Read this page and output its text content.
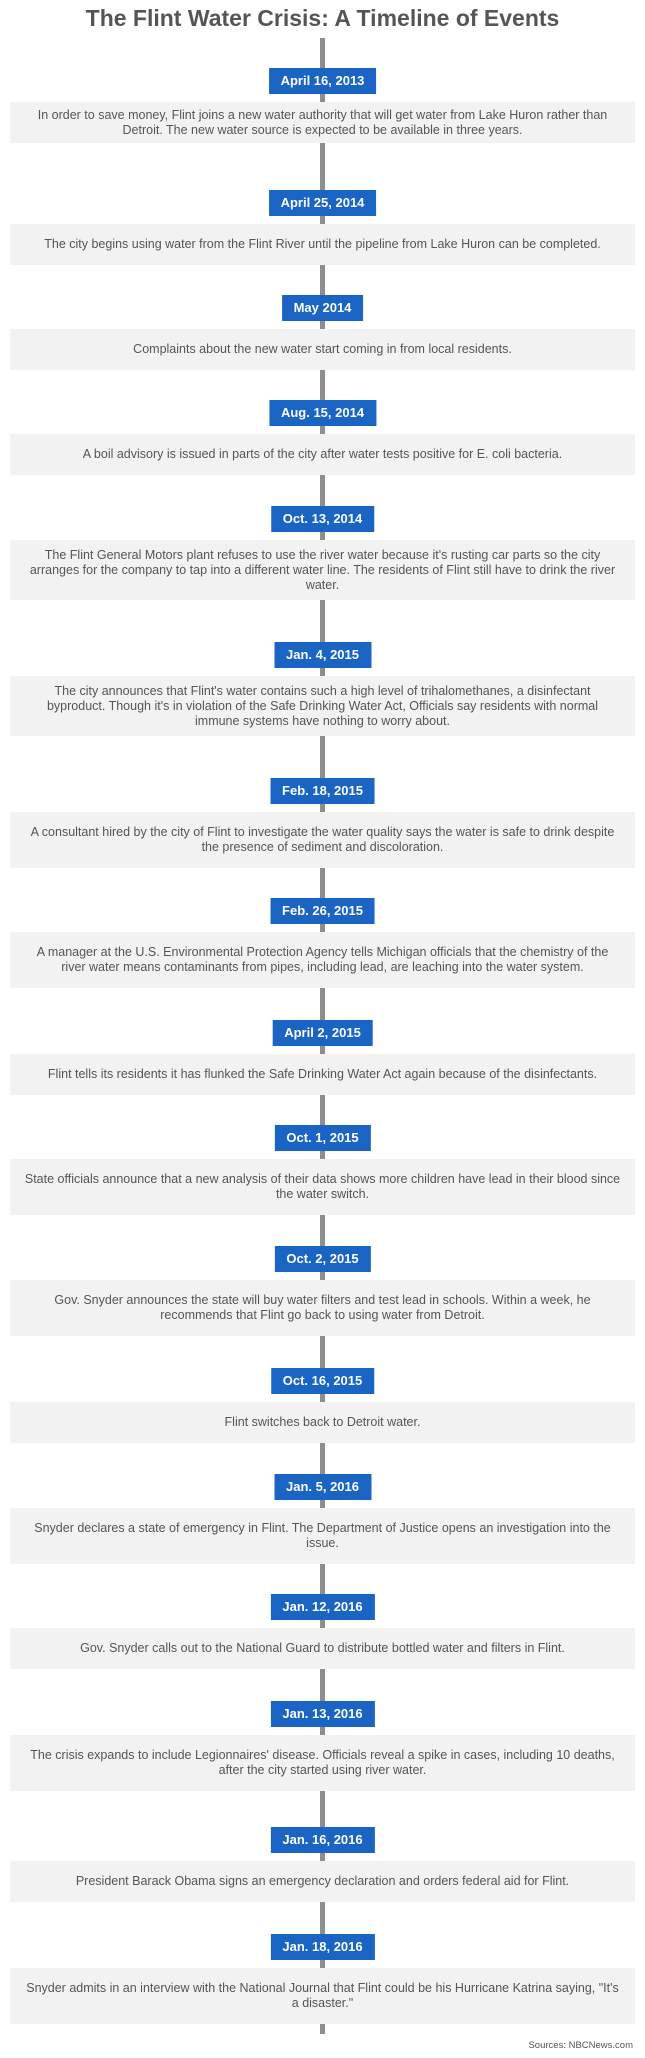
The Flint Water Crisis: A Timeline of Events
April 16, 2013
In order to save money, Flint joins a new water authority that will get water from Lake Huron rather than Detroit. The new water source is expected to be available in three years.
April 25, 2014
The city begins using water from the Flint River until the pipeline from Lake Huron can be completed.
May 2014
Complaints about the new water start coming in from local residents.
Aug. 15, 2014
A boil advisory is issued in parts of the city after water tests positive for E. coli bacteria.
Oct. 13, 2014
The Flint General Motors plant refuses to use the river water because it's rusting car parts so the city arranges for the company to tap into a different water line. The residents of Flint still have to drink the river water.
Jan. 4, 2015
The city announces that Flint's water contains such a high level of trihalomethanes, a disinfectant byproduct. Though it's in violation of the Safe Drinking Water Act, Officials say residents with normal immune systems have nothing to worry about.
Feb. 18, 2015
A consultant hired by the city of Flint to investigate the water quality says the water is safe to drink despite the presence of sediment and discoloration.
Feb. 26, 2015
A manager at the U.S. Environmental Protection Agency tells Michigan officials that the chemistry of the river water means contaminants from pipes, including lead, are leaching into the water system.
April 2, 2015
Flint tells its residents it has flunked the Safe Drinking Water Act again because of the disinfectants.
Oct. 1, 2015
State officials announce that a new analysis of their data shows more children have lead in their blood since the water switch.
Oct. 2, 2015
Gov. Snyder announces the state will buy water filters and test lead in schools. Within a week, he recommends that Flint go back to using water from Detroit.
Oct. 16, 2015
Flint switches back to Detroit water.
Jan. 5, 2016
Snyder declares a state of emergency in Flint. The Department of Justice opens an investigation into the issue.
Jan. 12, 2016
Gov. Snyder calls out to the National Guard to distribute bottled water and filters in Flint.
Jan. 13, 2016
The crisis expands to include Legionnaires' disease. Officials reveal a spike in cases, including 10 deaths, after the city started using river water.
Jan. 16, 2016
President Barack Obama signs an emergency declaration and orders federal aid for Flint.
Jan. 18, 2016
Snyder admits in an interview with the National Journal that Flint could be his Hurricane Katrina saying, "It's a disaster."
Sources: NBCNews.com
